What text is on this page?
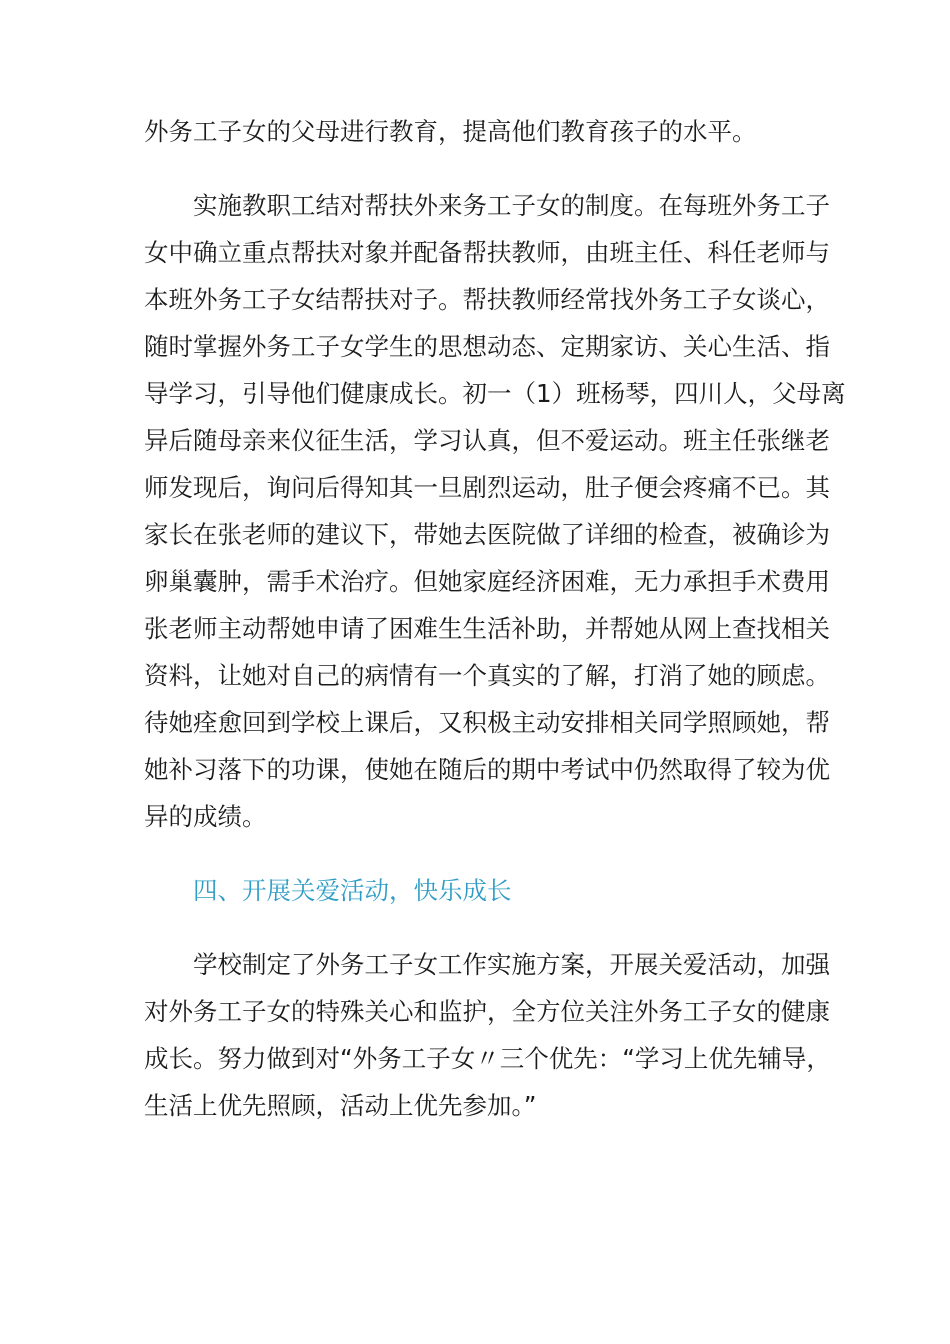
外务工子女的父母进行教育，提高他们教育孩子的水平。
实施教职工结对帮扶外来务工子女的制度。在每班外务工子
女中确立重点帮扶对象并配备帮扶教师，由班主任、科任老师与
本班外务工子女结帮扶对子。帮扶教师经常找外务工子女谈心，
随时掌握外务工子女学生的思想动态、定期家访、关心生活、指
导学习，引导他们健康成长。初一（1）班杨琴，四川人，父母离
异后随母亲来仪征生活，学习认真，但不爱运动。班主任张继老
师发现后，询问后得知其一旦剧烈运动，肚子便会疼痛不已。其
家长在张老师的建议下，带她去医院做了详细的检查，被确诊为
卵巢囊肿，需手术治疗。但她家庭经济困难，无力承担手术费用
张老师主动帮她申请了困难生生活补助，并帮她从网上查找相关
资料，让她对自己的病情有一个真实的了解，打消了她的顾虑。
待她痊愈回到学校上课后，又积极主动安排相关同学照顾她，帮
她补习落下的功课，使她在随后的期中考试中仍然取得了较为优
异的成绩。
四、开展关爱活动，快乐成长
学校制定了外务工子女工作实施方案，开展关爱活动，加强
对外务工子女的特殊关心和监护，全方位关注外务工子女的健康
成长。努力做到对“外务工子女〃三个优先：“学习上优先辅导，
生活上优先照顾，活动上优先参加。”
